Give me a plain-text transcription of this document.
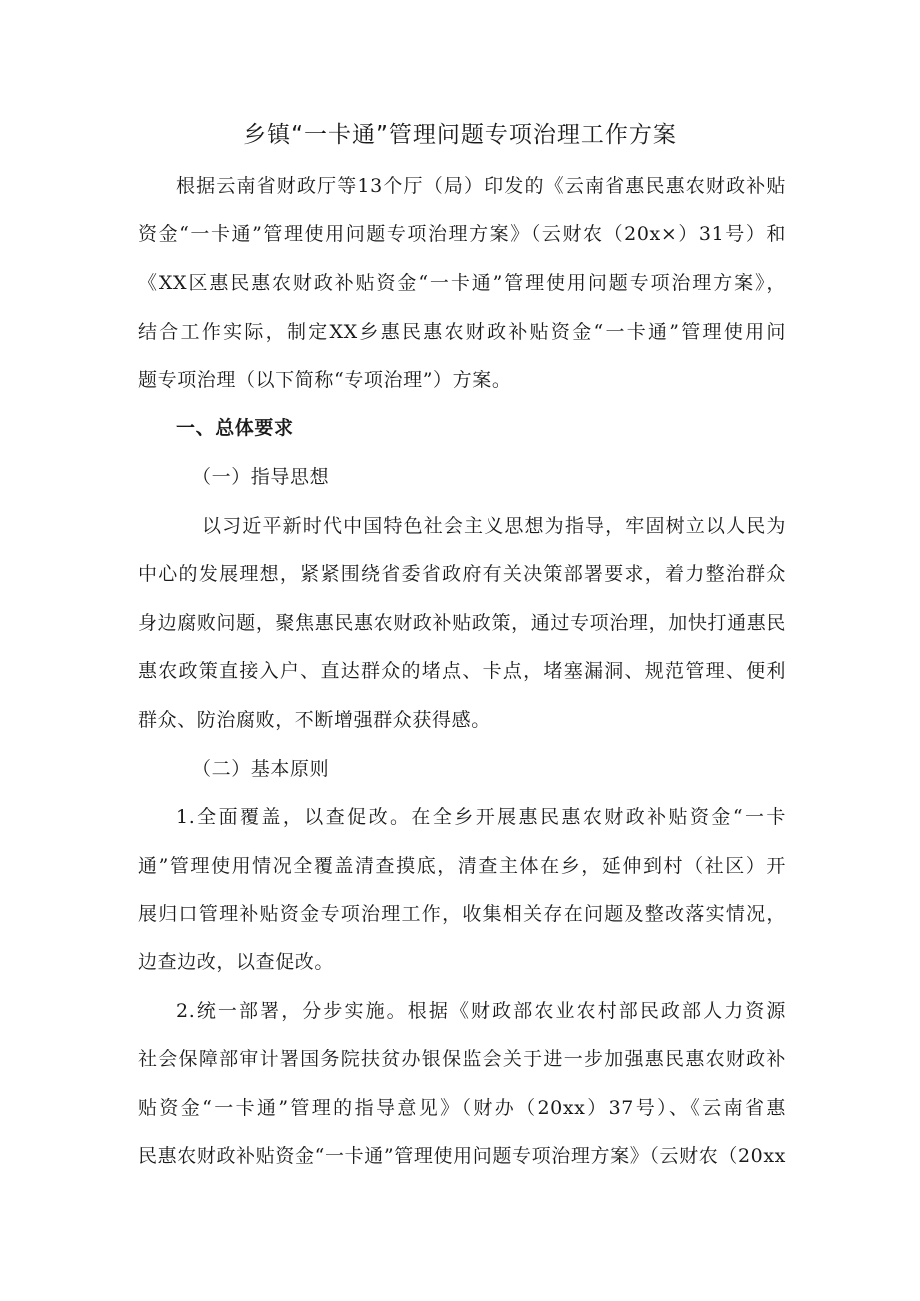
乡镇“一卡通”管理问题专项治理工作方案

根据云南省财政厅等13个厅（局）印发的《云南省惠民惠农财政补贴

资金“一卡通”管理使用问题专项治理方案》（云财农（20x×）31号）和

《XX区惠民惠农财政补贴资金“一卡通”管理使用问题专项治理方案》，

结合工作实际，制定XX乡惠民惠农财政补贴资金“一卡通”管理使用问

题专项治理（以下简称“专项治理”）方案。

一、总体要求

（一）指导思想

以习近平新时代中国特色社会主义思想为指导，牢固树立以人民为

中心的发展理想，紧紧围绕省委省政府有关决策部署要求，着力整治群众

身边腐败问题，聚焦惠民惠农财政补贴政策，通过专项治理，加快打通惠民

惠农政策直接入户、直达群众的堵点、卡点，堵塞漏洞、规范管理、便利

群众、防治腐败，不断增强群众获得感。

（二）基本原则

1.全面覆盖，以查促改。在全乡开展惠民惠农财政补贴资金“一卡

通”管理使用情况全覆盖清查摸底，清查主体在乡，延伸到村（社区）开

展归口管理补贴资金专项治理工作，收集相关存在问题及整改落实情况，

边查边改，以查促改。

2.统一部署，分步实施。根据《财政部农业农村部民政部人力资源

社会保障部审计署国务院扶贫办银保监会关于进一步加强惠民惠农财政补

贴资金“一卡通”管理的指导意见》（财办（20xx）37号）、《云南省惠

民惠农财政补贴资金“一卡通”管理使用问题专项治理方案》（云财农（20xx
